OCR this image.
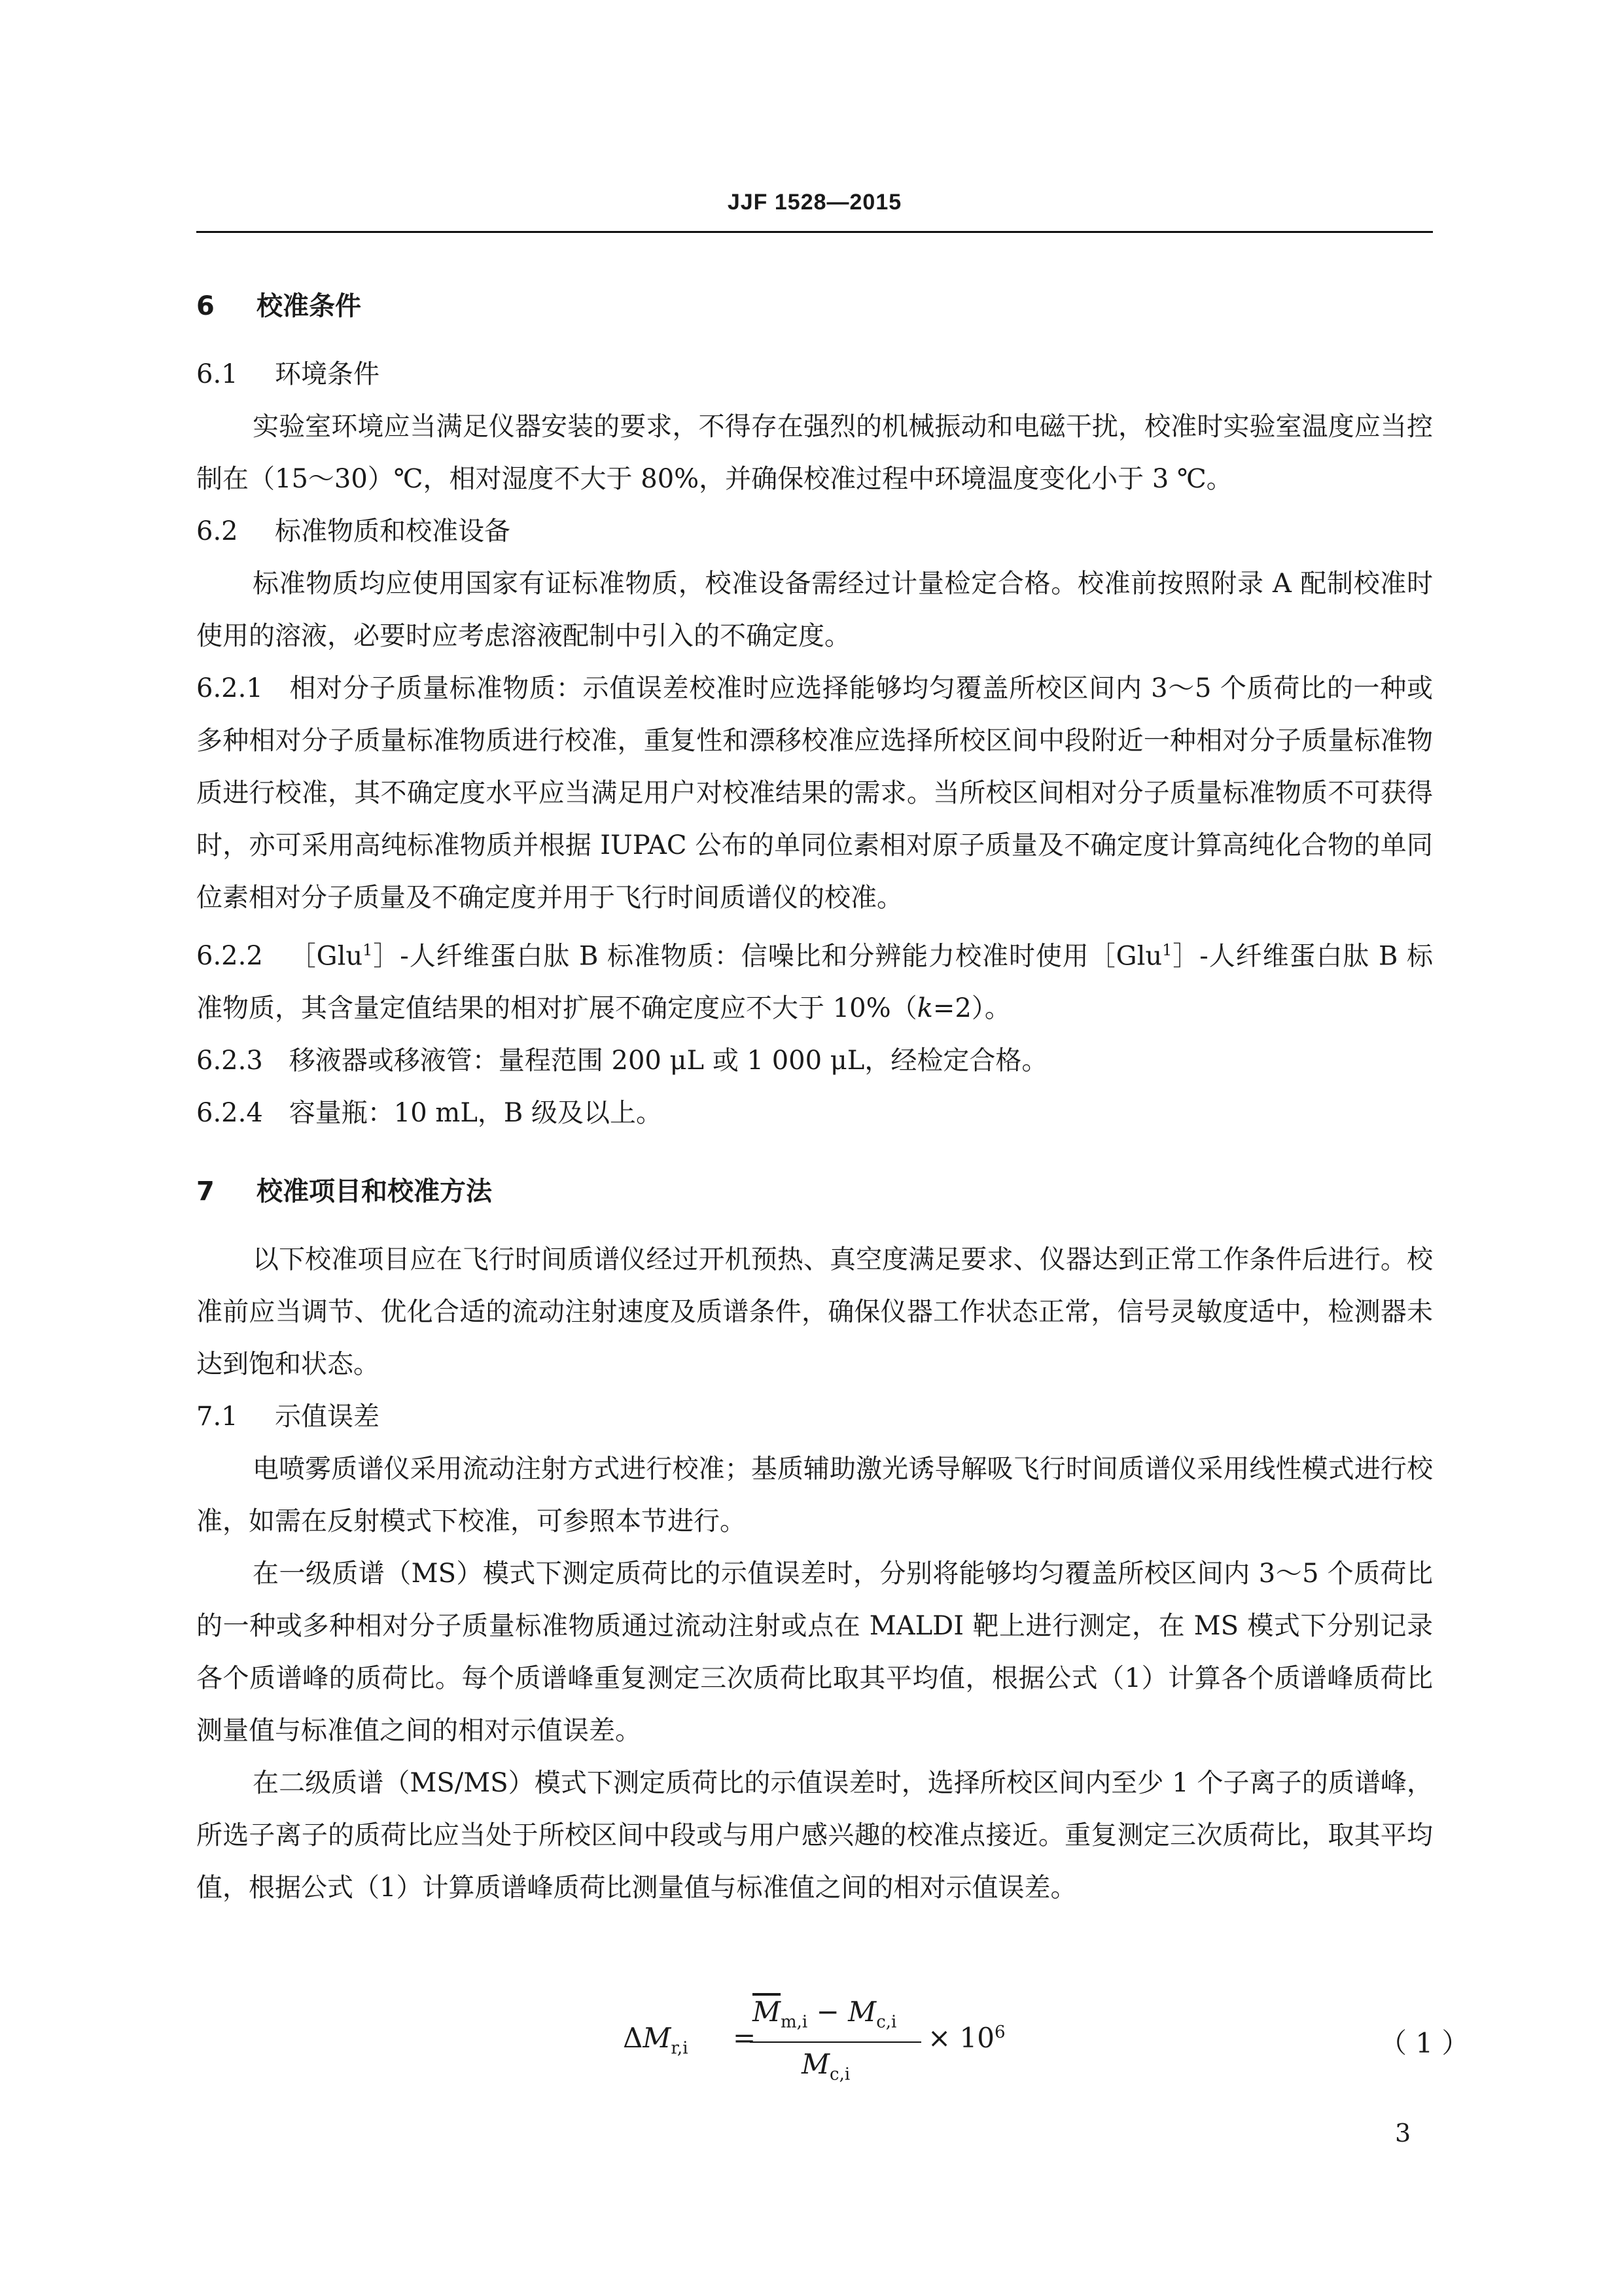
JJF 1528—2015
6 校准条件
6.1 环境条件

实验室环境应当满足仪器安装的要求，不得存在强烈的机械振动和电磁干扰，校准时实验室温度应当控制在（15～30）℃，相对湿度不大于 80%，并确保校准过程中环境温度变化小于 3 ℃。

6.2 标准物质和校准设备

标准物质均应使用国家有证标准物质，校准设备需经过计量检定合格。校准前按照附录 A 配制校准时使用的溶液，必要时应考虑溶液配制中引入的不确定度。

6.2.1 相对分子质量标准物质：示值误差校准时应选择能够均匀覆盖所校区间内 3～5 个质荷比的一种或多种相对分子质量标准物质进行校准，重复性和漂移校准应选择所校区间中段附近一种相对分子质量标准物质进行校准，其不确定度水平应当满足用户对校准结果的需求。当所校区间相对分子质量标准物质不可获得时，亦可采用高纯标准物质并根据 IUPAC 公布的单同位素相对原子质量及不确定度计算高纯化合物的单同位素相对分子质量及不确定度并用于飞行时间质谱仪的校准。

6.2.2 ［Glu$^1$］-人纤维蛋白肽 B 标准物质：信噪比和分辨能力校准时使用［Glu$^1$］-人纤维蛋白肽 B 标准物质，其含量定值结果的相对扩展不确定度应不大于 10%（k=2）。

6.2.3 移液器或移液管：量程范围 200 μL 或 1 000 μL，经检定合格。

6.2.4 容量瓶：10 mL，B 级及以上。

7 校准项目和校准方法

以下校准项目应在飞行时间质谱仪经过开机预热、真空度满足要求、仪器达到正常工作条件后进行。校准前应当调节、优化合适的流动注射速度及质谱条件，确保仪器工作状态正常，信号灵敏度适中，检测器未达到饱和状态。

7.1 示值误差

电喷雾质谱仪采用流动注射方式进行校准；基质辅助激光诱导解吸飞行时间质谱仪采用线性模式进行校准，如需在反射模式下校准，可参照本节进行。

在一级质谱（MS）模式下测定质荷比的示值误差时，分别将能够均匀覆盖所校区间内 3～5 个质荷比的一种或多种相对分子质量标准物质通过流动注射或点在 MALDI 靶上进行测定，在 MS 模式下分别记录各个质谱峰的质荷比。每个质谱峰重复测定三次质荷比取其平均值，根据公式（1）计算各个质谱峰质荷比测量值与标准值之间的相对示值误差。

在二级质谱（MS/MS）模式下测定质荷比的示值误差时，选择所校区间内至少 1 个子离子的质谱峰，所选子离子的质荷比应当处于所校区间中段或与用户感兴趣的校准点接近。重复测定三次质荷比，取其平均值，根据公式（1）计算质谱峰质荷比测量值与标准值之间的相对示值误差。

$\Delta M_{r,i}$ =
$\overline{M}_{m,i} - M_{c,i}$
$M_{c,i}$
× $10^6$	（ 1 ）
3
